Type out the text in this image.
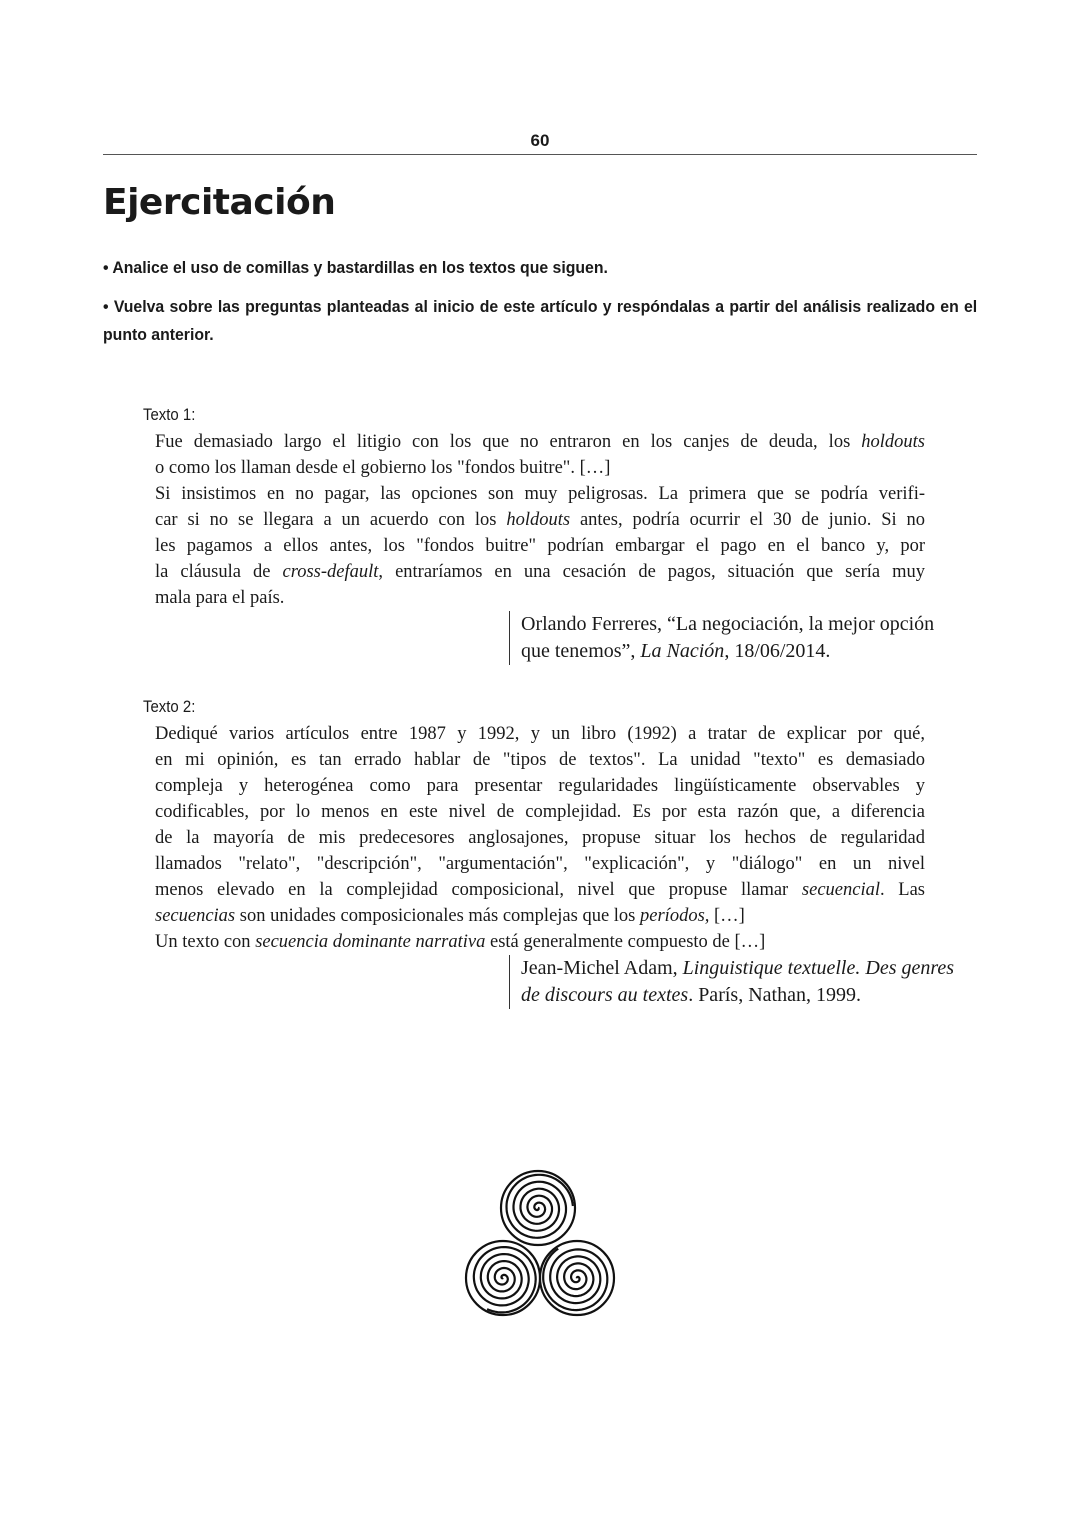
60
Ejercitación
• Analice el uso de comillas y bastardillas en los textos que siguen.
• Vuelva sobre las preguntas planteadas al inicio de este artículo y respóndalas a partir del análisis realizado en el punto anterior.
Texto 1:
Fue demasiado largo el litigio con los que no entraron en los canjes de deuda, los holdouts
o como los llaman desde el gobierno los "fondos buitre". […]
Si insistimos en no pagar, las opciones son muy peligrosas. La primera que se podría verifi-
car si no se llegara a un acuerdo con los holdouts antes, podría ocurrir el 30 de junio. Si no
les pagamos a ellos antes, los "fondos buitre" podrían embargar el pago en el banco y, por
la cláusula de cross-default, entraríamos en una cesación de pagos, situación que sería muy
mala para el país.
Orlando Ferreres, “La negociación, la mejor opción
que tenemos”, La Nación, 18/06/2014.
Texto 2:
Dediqué varios artículos entre 1987 y 1992, y un libro (1992) a tratar de explicar por qué,
en mi opinión, es tan errado hablar de "tipos de textos". La unidad "texto" es demasiado
compleja y heterogénea como para presentar regularidades lingüísticamente observables y
codificables, por lo menos en este nivel de complejidad. Es por esta razón que, a diferencia
de la mayoría de mis predecesores anglosajones, propuse situar los hechos de regularidad
llamados "relato", "descripción", "argumentación", "explicación", y "diálogo" en un nivel
menos elevado en la complejidad composicional, nivel que propuse llamar secuencial. Las
secuencias son unidades composicionales más complejas que los períodos, […]
Un texto con secuencia dominante narrativa está generalmente compuesto de […]
Jean-Michel Adam, Linguistique textuelle. Des genres
de discours au textes. París, Nathan, 1999.
